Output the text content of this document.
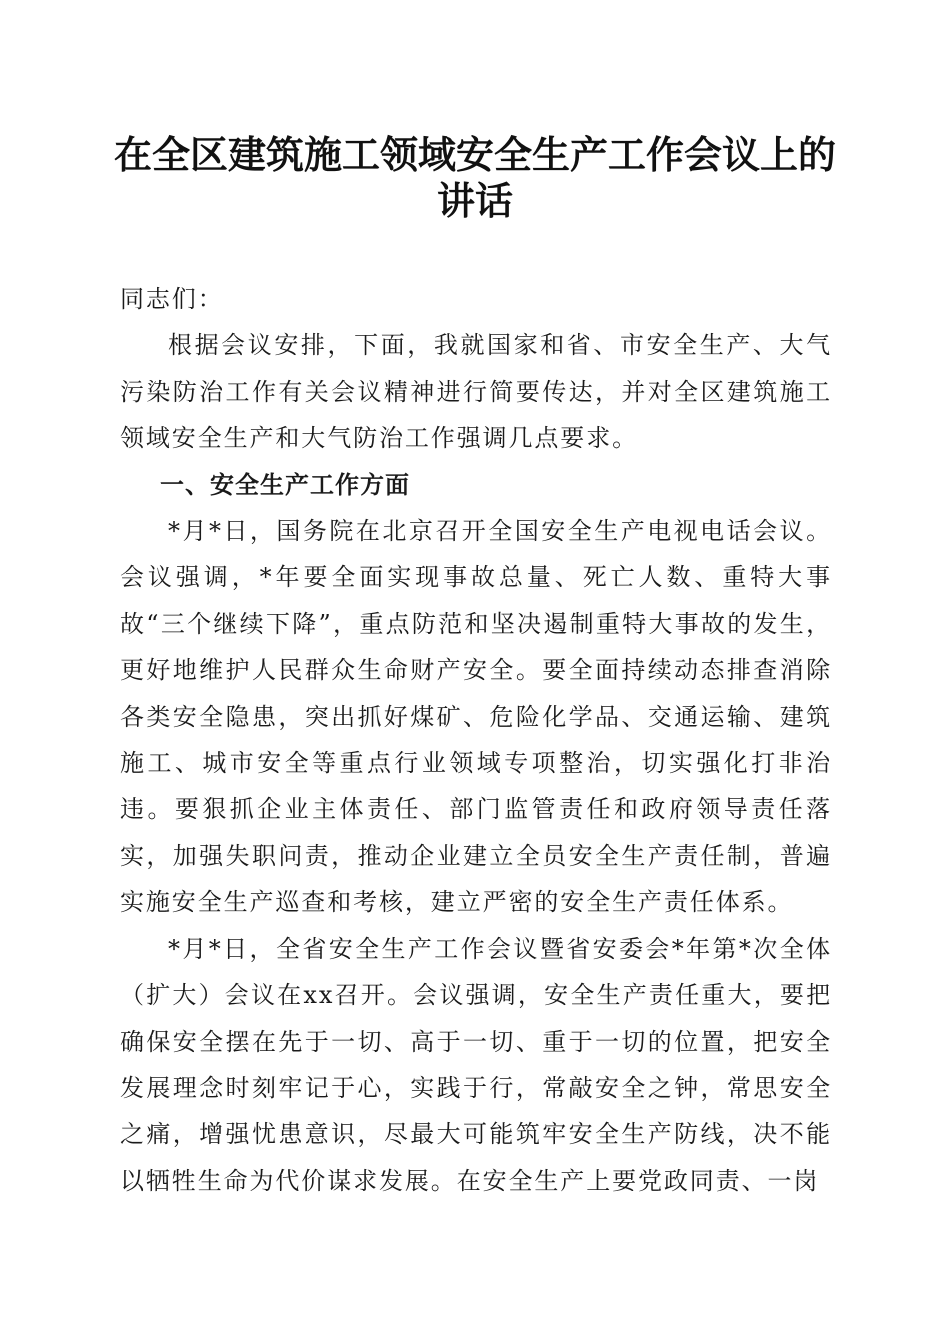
在全区建筑施工领域安全生产工作会议上的讲话

同志们：

根据会议安排，下面，我就国家和省、市安全生产、大气污染防治工作有关会议精神进行简要传达，并对全区建筑施工领域安全生产和大气防治工作强调几点要求。

一、安全生产工作方面

*月*日，国务院在北京召开全国安全生产电视电话会议。会议强调，*年要全面实现事故总量、死亡人数、重特大事故“三个继续下降”，重点防范和坚决遏制重特大事故的发生，更好地维护人民群众生命财产安全。要全面持续动态排查消除各类安全隐患，突出抓好煤矿、危险化学品、交通运输、建筑施工、城市安全等重点行业领域专项整治，切实强化打非治违。要狠抓企业主体责任、部门监管责任和政府领导责任落实，加强失职问责，推动企业建立全员安全生产责任制，普遍实施安全生产巡查和考核，建立严密的安全生产责任体系。

*月*日，全省安全生产工作会议暨省安委会*年第*次全体（扩大）会议在xx召开。会议强调，安全生产责任重大，要把确保安全摆在先于一切、高于一切、重于一切的位置，把安全发展理念时刻牢记于心，实践于行，常敲安全之钟，常思安全之痛，增强忧患意识，尽最大可能筑牢安全生产防线，决不能以牺牲生命为代价谋求发展。在安全生产上要党政同责、一岗
